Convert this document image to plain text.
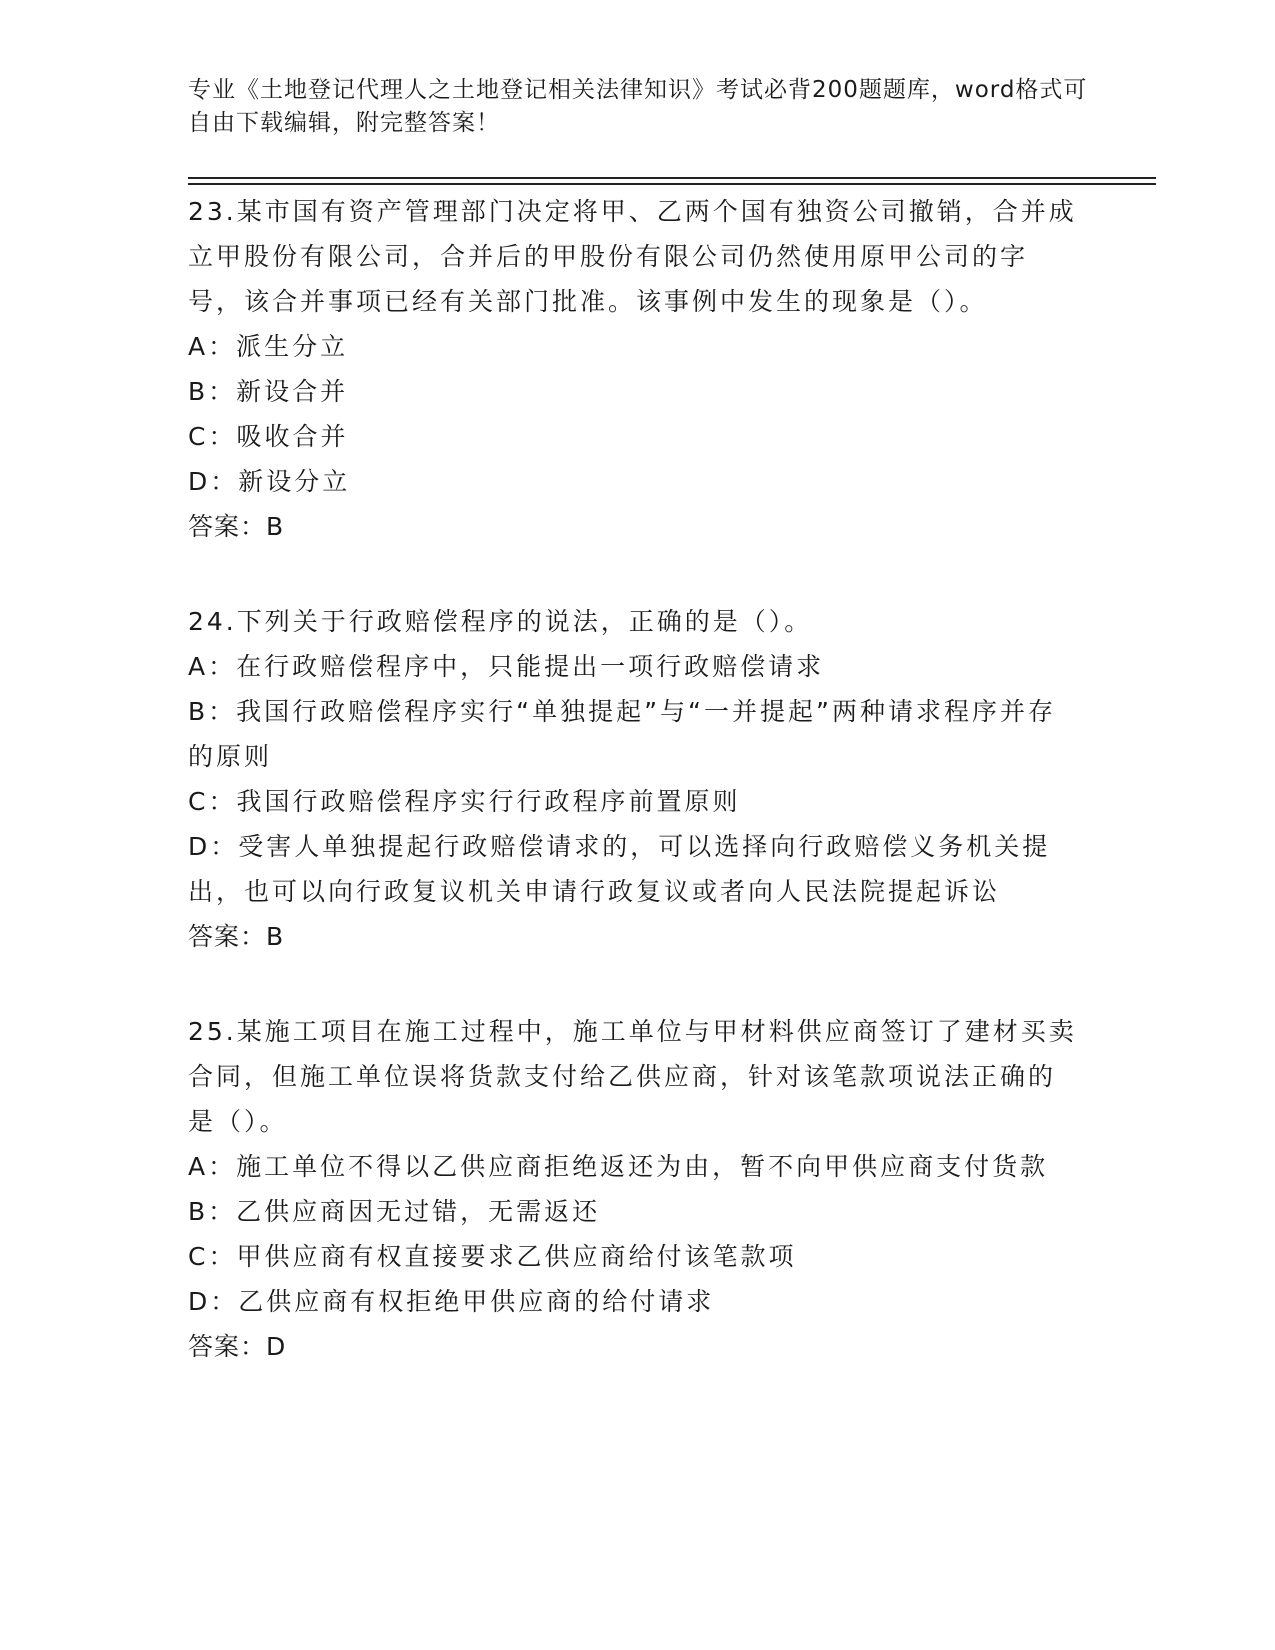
专业《土地登记代理人之土地登记相关法律知识》考试必背200题题库，word格式可自由下载编辑，附完整答案！

23.某市国有资产管理部门决定将甲、乙两个国有独资公司撤销，合并成立甲股份有限公司，合并后的甲股份有限公司仍然使用原甲公司的字号，该合并事项已经有关部门批准。该事例中发生的现象是（）。

A：派生分立

B：新设合并

C：吸收合并

D：新设分立

答案：B

24.下列关于行政赔偿程序的说法，正确的是（）。

A：在行政赔偿程序中，只能提出一项行政赔偿请求

B：我国行政赔偿程序实行“单独提起”与“一并提起”两种请求程序并存的原则

C：我国行政赔偿程序实行行政程序前置原则

D：受害人单独提起行政赔偿请求的，可以选择向行政赔偿义务机关提出，也可以向行政复议机关申请行政复议或者向人民法院提起诉讼

答案：B

25.某施工项目在施工过程中，施工单位与甲材料供应商签订了建材买卖合同，但施工单位误将货款支付给乙供应商，针对该笔款项说法正确的是（）。

A：施工单位不得以乙供应商拒绝返还为由，暂不向甲供应商支付货款

B：乙供应商因无过错，无需返还

C：甲供应商有权直接要求乙供应商给付该笔款项

D：乙供应商有权拒绝甲供应商的给付请求

答案：D
